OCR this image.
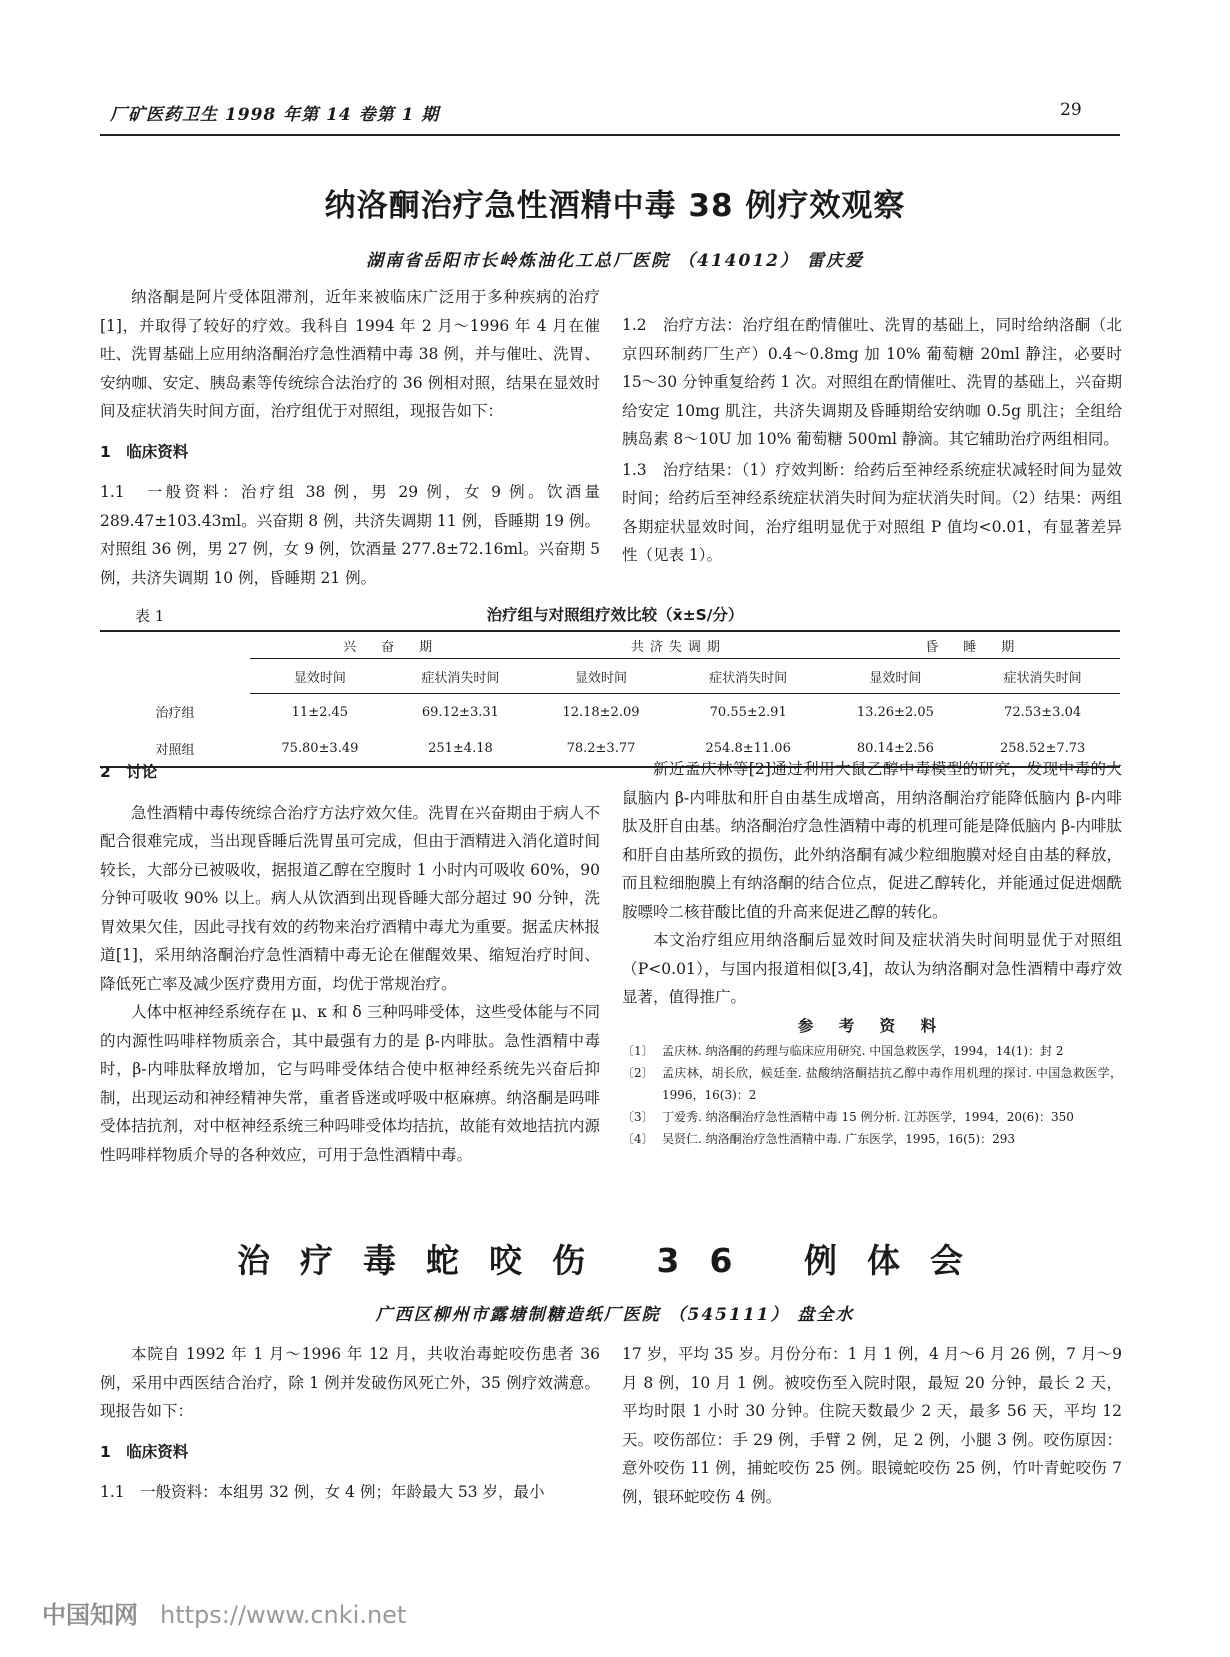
厂矿医药卫生 1998 年第 14 卷第 1 期	29
纳洛酮治疗急性酒精中毒 38 例疗效观察
湖南省岳阳市长岭炼油化工总厂医院 （414012） 雷庆爱

纳洛酮是阿片受体阻滞剂，近年来被临床广泛用于多种疾病的治疗[1]，并取得了较好的疗效。我科自 1994 年 2 月～1996 年 4 月在催吐、洗胃基础上应用纳洛酮治疗急性酒精中毒 38 例，并与催吐、洗胃、安纳咖、安定、胰岛素等传统综合法治疗的 36 例相对照，结果在显效时间及症状消失时间方面，治疗组优于对照组，现报告如下：

1　临床资料

1.1　一般资料：治疗组 38 例，男 29 例，女 9 例。饮酒量 289.47±103.43ml。兴奋期 8 例，共济失调期 11 例，昏睡期 19 例。对照组 36 例，男 27 例，女 9 例，饮酒量 277.8±72.16ml。兴奋期 5 例，共济失调期 10 例，昏睡期 21 例。

1.2　治疗方法：治疗组在酌情催吐、洗胃的基础上，同时给纳洛酮（北京四环制药厂生产）0.4～0.8mg 加 10% 葡萄糖 20ml 静注，必要时 15～30 分钟重复给药 1 次。对照组在酌情催吐、洗胃的基础上，兴奋期给安定 10mg 肌注，共济失调期及昏睡期给安纳咖 0.5g 肌注；全组给胰岛素 8～10U 加 10% 葡萄糖 500ml 静滴。其它辅助治疗两组相同。

1.3　治疗结果：（1）疗效判断：给药后至神经系统症状减轻时间为显效时间；给药后至神经系统症状消失时间为症状消失时间。（2）结果：两组各期症状显效时间，治疗组明显优于对照组 P 值均<0.01，有显著差异性（见表 1）。

表 1	治疗组与对照组疗效比较（x̄±S/分）
	兴　奋　期		共济失调期		昏　睡　期	
	显效时间	症状消失时间	显效时间	症状消失时间	显效时间	症状消失时间
治疗组	11±2.45	69.12±3.31	12.18±2.09	70.55±2.91	13.26±2.05	72.53±3.04
对照组	75.80±3.49	251±4.18	78.2±3.77	254.8±11.06	80.14±2.56	258.52±7.73

2　讨论

急性酒精中毒传统综合治疗方法疗效欠佳。洗胃在兴奋期由于病人不配合很难完成，当出现昏睡后洗胃虽可完成，但由于酒精进入消化道时间较长，大部分已被吸收，据报道乙醇在空腹时 1 小时内可吸收 60%，90 分钟可吸收 90% 以上。病人从饮酒到出现昏睡大部分超过 90 分钟，洗胃效果欠佳，因此寻找有效的药物来治疗酒精中毒尤为重要。据孟庆林报道[1]，采用纳洛酮治疗急性酒精中毒无论在催醒效果、缩短治疗时间、降低死亡率及减少医疗费用方面，均优于常规治疗。

人体中枢神经系统存在 μ、κ 和 δ 三种吗啡受体，这些受体能与不同的内源性吗啡样物质亲合，其中最强有力的是 β-内啡肽。急性酒精中毒时，β-内啡肽释放增加，它与吗啡受体结合使中枢神经系统先兴奋后抑制，出现运动和神经精神失常，重者昏迷或呼吸中枢麻痹。纳洛酮是吗啡受体拮抗剂，对中枢神经系统三种吗啡受体均拮抗，故能有效地拮抗内源性吗啡样物质介导的各种效应，可用于急性酒精中毒。

新近孟庆林等[2]通过利用大鼠乙醇中毒模型的研究，发现中毒的大鼠脑内 β-内啡肽和肝自由基生成增高，用纳洛酮治疗能降低脑内 β-内啡肽及肝自由基。纳洛酮治疗急性酒精中毒的机理可能是降低脑内 β-内啡肽和肝自由基所致的损伤，此外纳洛酮有减少粒细胞膜对烃自由基的释放，而且粒细胞膜上有纳洛酮的结合位点，促进乙醇转化，并能通过促进烟酰胺嘌呤二核苷酸比值的升高来促进乙醇的转化。

本文治疗组应用纳洛酮后显效时间及症状消失时间明显优于对照组（P<0.01），与国内报道相似[3,4]，故认为纳洛酮对急性酒精中毒疗效显著，值得推广。

参 考 资 料

〔1〕 孟庆林. 纳洛酮的药理与临床应用研究. 中国急救医学，1994，14(1)：封 2
〔2〕 孟庆林，胡长欣，候廷奎. 盐酸纳洛酮拮抗乙醇中毒作用机理的探讨. 中国急救医学，1996，16(3)：2
〔3〕 丁爱秀. 纳洛酮治疗急性酒精中毒 15 例分析. 江苏医学，1994，20(6)：350
〔4〕 吴贤仁. 纳洛酮治疗急性酒精中毒. 广东医学，1995，16(5)：293
治疗毒蛇咬伤 36 例体会
广西区柳州市露塘制糖造纸厂医院 （545111） 盘全水

本院自 1992 年 1 月～1996 年 12 月，共收治毒蛇咬伤患者 36 例，采用中西医结合治疗，除 1 例并发破伤风死亡外，35 例疗效满意。现报告如下：

1　临床资料

1.1　一般资料：本组男 32 例，女 4 例；年龄最大 53 岁，最小

17 岁，平均 35 岁。月份分布：1 月 1 例，4 月～6 月 26 例，7 月～9 月 8 例，10 月 1 例。被咬伤至入院时限，最短 20 分钟，最长 2 天，平均时限 1 小时 30 分钟。住院天数最少 2 天，最多 56 天，平均 12 天。咬伤部位：手 29 例，手臂 2 例，足 2 例，小腿 3 例。咬伤原因：意外咬伤 11 例，捕蛇咬伤 25 例。眼镜蛇咬伤 25 例，竹叶青蛇咬伤 7 例，银环蛇咬伤 4 例。

中国知网 https://www.cnki.net
